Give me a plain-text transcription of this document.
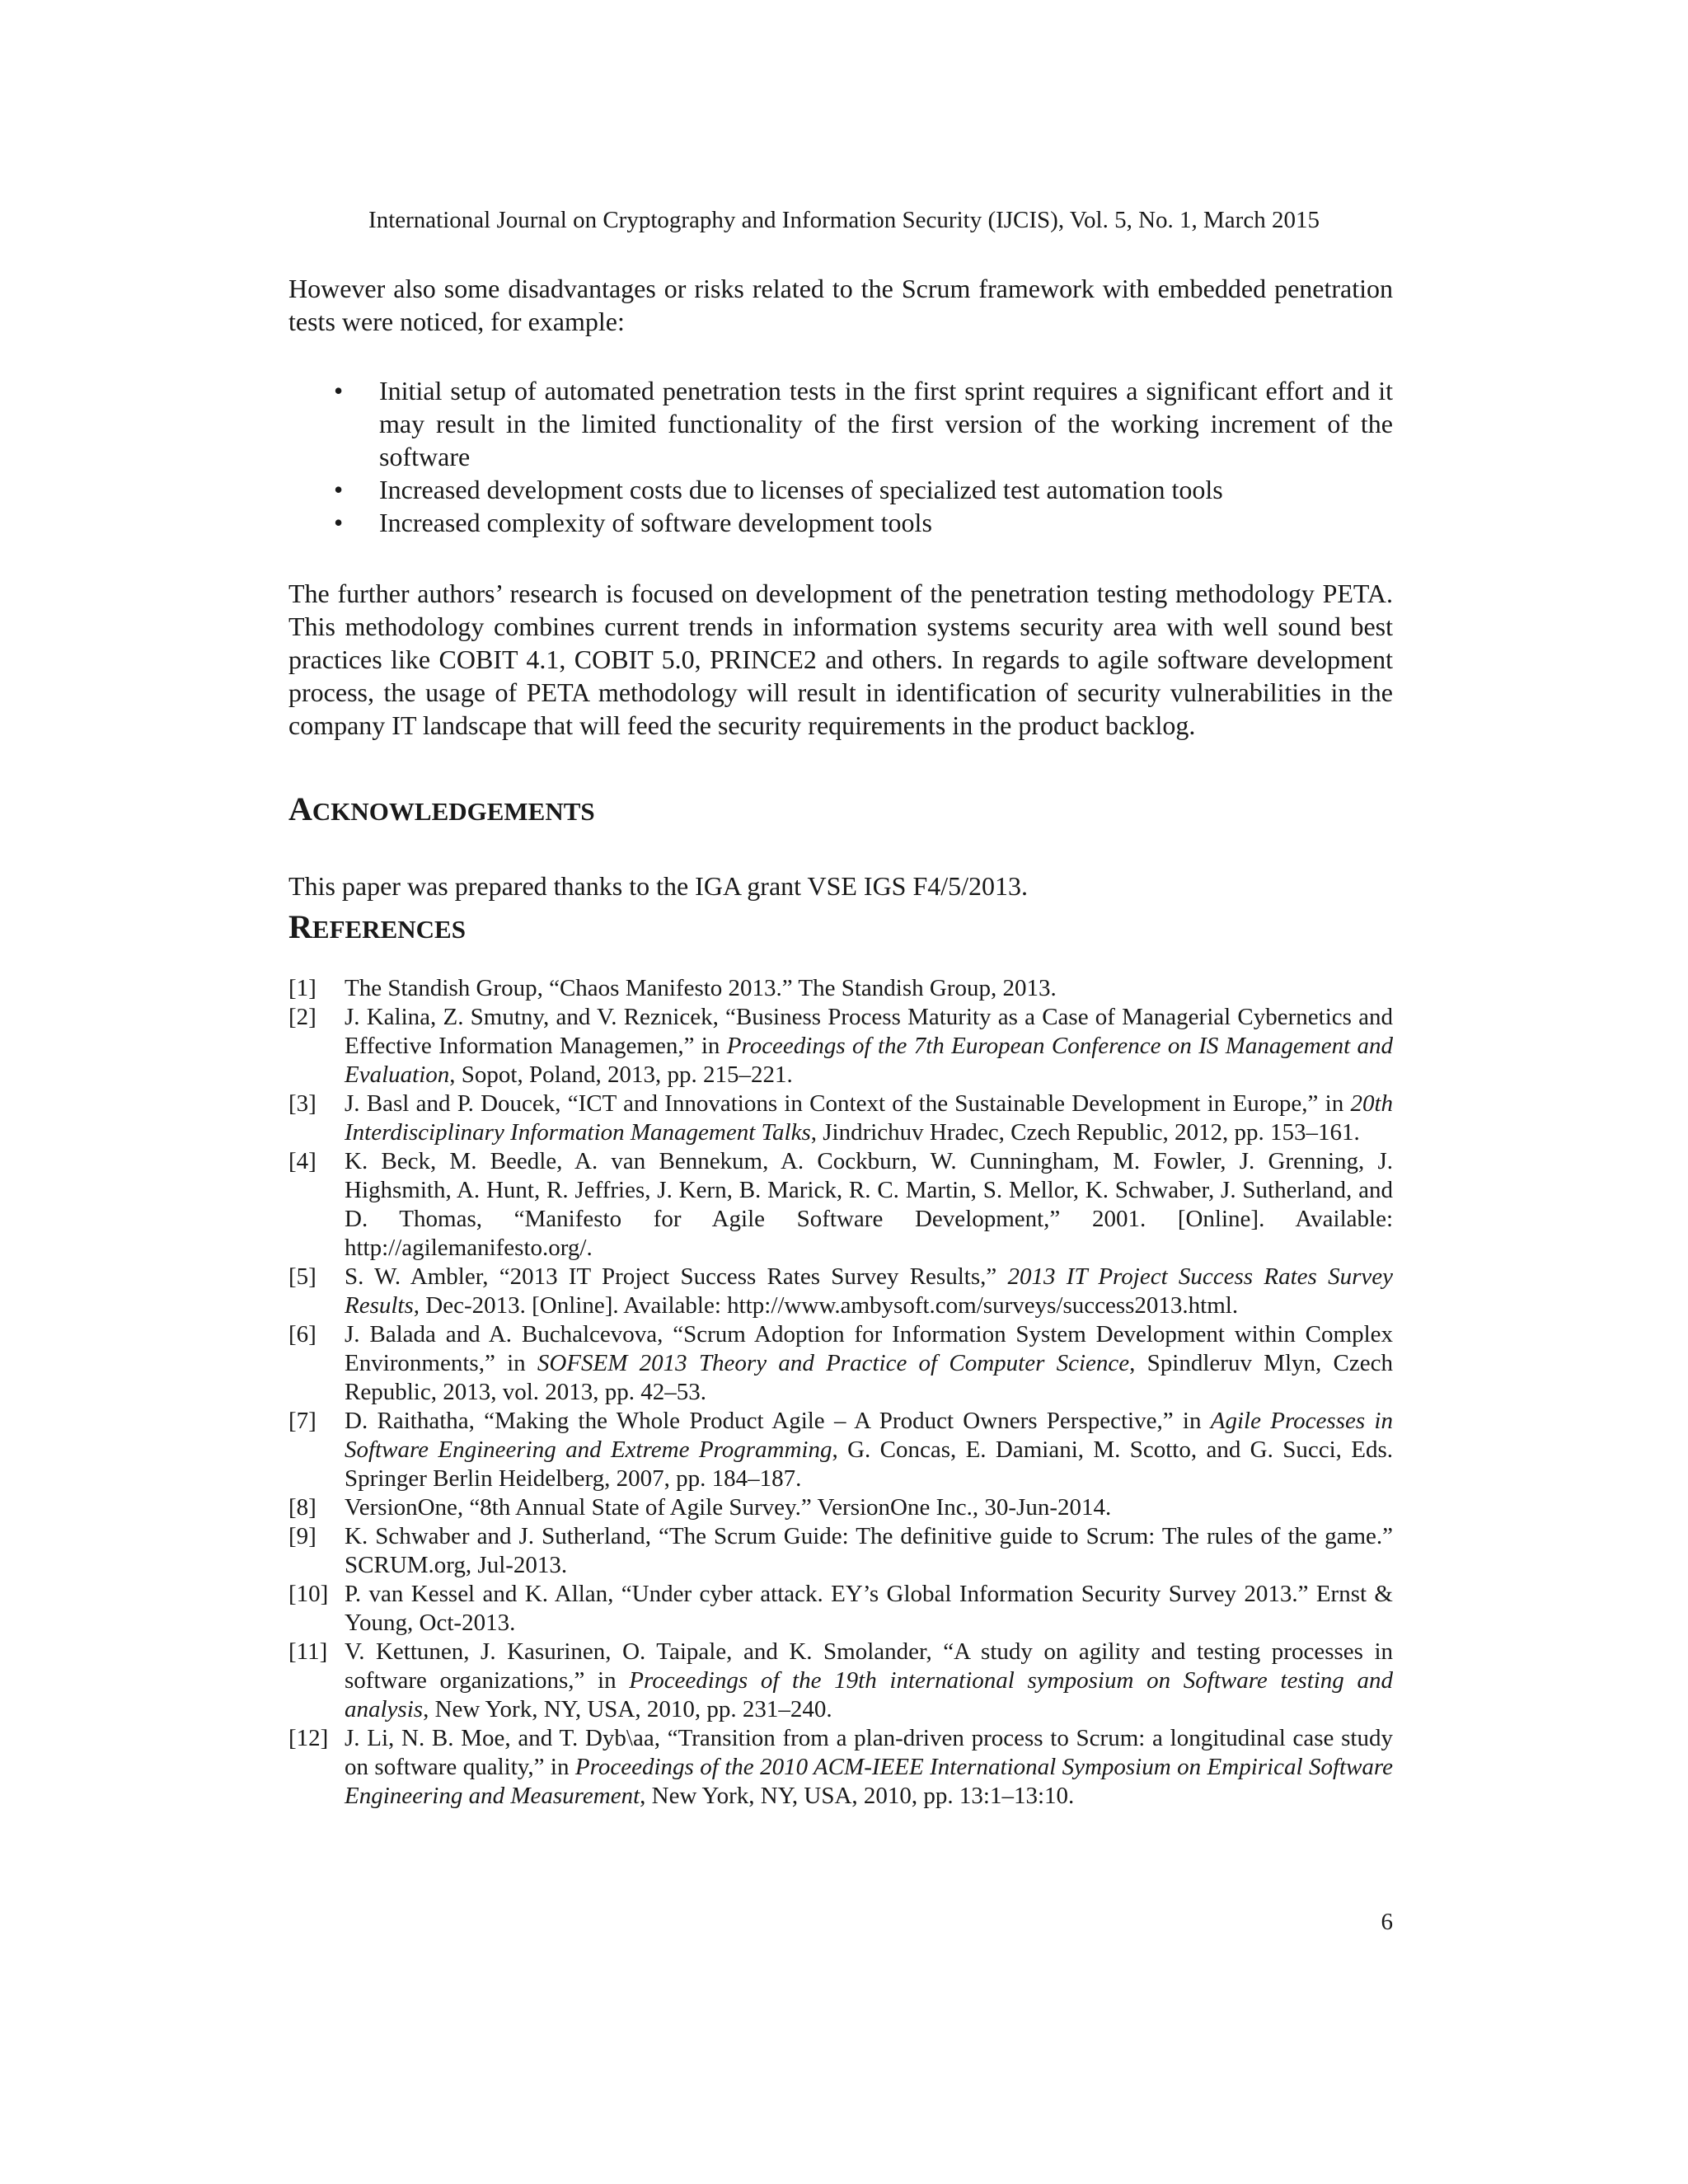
International Journal on Cryptography and Information Security (IJCIS), Vol. 5, No. 1, March 2015

However also some disadvantages or risks related to the Scrum framework with embedded penetration tests were noticed, for example:

• Initial setup of automated penetration tests in the first sprint requires a significant effort and it may result in the limited functionality of the first version of the working increment of the software
• Increased development costs due to licenses of specialized test automation tools
• Increased complexity of software development tools

The further authors’ research is focused on development of the penetration testing methodology PETA. This methodology combines current trends in information systems security area with well sound best practices like COBIT 4.1, COBIT 5.0, PRINCE2 and others. In regards to agile software development process, the usage of PETA methodology will result in identification of security vulnerabilities in the company IT landscape that will feed the security requirements in the product backlog.

ACKNOWLEDGEMENTS

This paper was prepared thanks to the IGA grant VSE IGS F4/5/2013.

REFERENCES
[1] The Standish Group, “Chaos Manifesto 2013.” The Standish Group, 2013.
[2] J. Kalina, Z. Smutny, and V. Reznicek, “Business Process Maturity as a Case of Managerial Cybernetics and Effective Information Managemen,” in Proceedings of the 7th European Conference on IS Management and Evaluation, Sopot, Poland, 2013, pp. 215–221.
[3] J. Basl and P. Doucek, “ICT and Innovations in Context of the Sustainable Development in Europe,” in 20th Interdisciplinary Information Management Talks, Jindrichuv Hradec, Czech Republic, 2012, pp. 153–161.
[4] K. Beck, M. Beedle, A. van Bennekum, A. Cockburn, W. Cunningham, M. Fowler, J. Grenning, J. Highsmith, A. Hunt, R. Jeffries, J. Kern, B. Marick, R. C. Martin, S. Mellor, K. Schwaber, J. Sutherland, and D. Thomas, “Manifesto for Agile Software Development,” 2001. [Online]. Available: http://agilemanifesto.org/.
[5] S. W. Ambler, “2013 IT Project Success Rates Survey Results,” 2013 IT Project Success Rates Survey Results, Dec-2013. [Online]. Available: http://www.ambysoft.com/surveys/success2013.html.
[6] J. Balada and A. Buchalcevova, “Scrum Adoption for Information System Development within Complex Environments,” in SOFSEM 2013 Theory and Practice of Computer Science, Spindleruv Mlyn, Czech Republic, 2013, vol. 2013, pp. 42–53.
[7] D. Raithatha, “Making the Whole Product Agile – A Product Owners Perspective,” in Agile Processes in Software Engineering and Extreme Programming, G. Concas, E. Damiani, M. Scotto, and G. Succi, Eds. Springer Berlin Heidelberg, 2007, pp. 184–187.
[8] VersionOne, “8th Annual State of Agile Survey.” VersionOne Inc., 30-Jun-2014.
[9] K. Schwaber and J. Sutherland, “The Scrum Guide: The definitive guide to Scrum: The rules of the game.” SCRUM.org, Jul-2013.
[10] P. van Kessel and K. Allan, “Under cyber attack. EY’s Global Information Security Survey 2013.” Ernst & Young, Oct-2013.
[11] V. Kettunen, J. Kasurinen, O. Taipale, and K. Smolander, “A study on agility and testing processes in software organizations,” in Proceedings of the 19th international symposium on Software testing and analysis, New York, NY, USA, 2010, pp. 231–240.
[12] J. Li, N. B. Moe, and T. Dyb\aa, “Transition from a plan-driven process to Scrum: a longitudinal case study on software quality,” in Proceedings of the 2010 ACM-IEEE International Symposium on Empirical Software Engineering and Measurement, New York, NY, USA, 2010, pp. 13:1–13:10.
6
